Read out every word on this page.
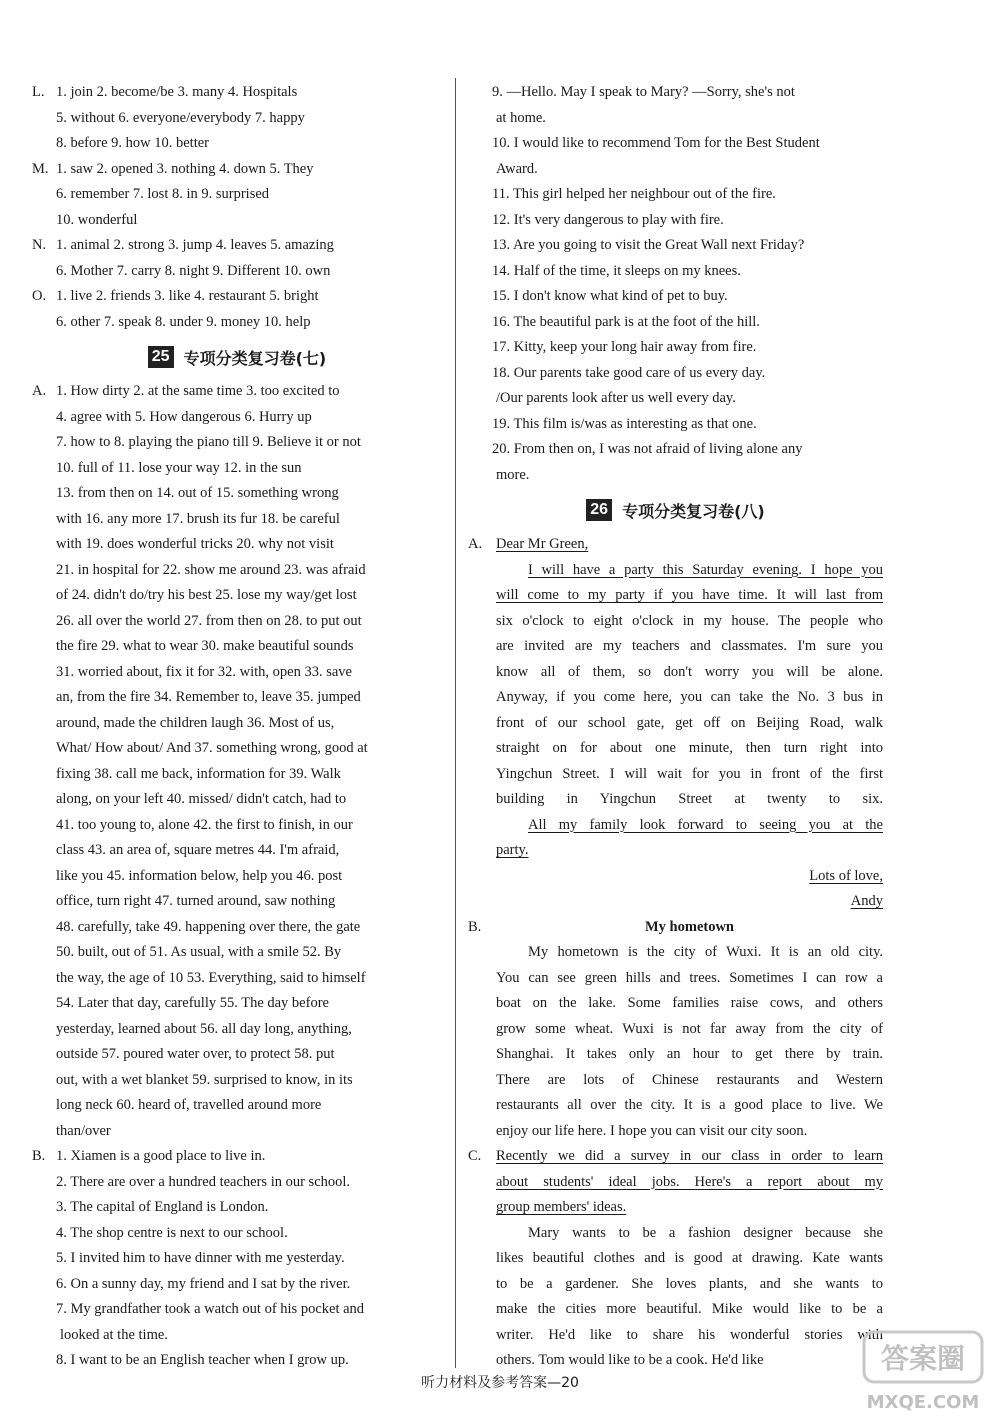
L. 1. join 2. become/be 3. many 4. Hospitals
5. without 6. everyone/everybody 7. happy
8. before 9. how 10. better
M. 1. saw 2. opened 3. nothing 4. down 5. They
6. remember 7. lost 8. in 9. surprised
10. wonderful
N. 1. animal 2. strong 3. jump 4. leaves 5. amazing
6. Mother 7. carry 8. night 9. Different 10. own
O. 1. live 2. friends 3. like 4. restaurant 5. bright
6. other 7. speak 8. under 9. money 10. help
25 专项分类复习卷(七)
A. 1. How dirty 2. at the same time 3. too excited to
4. agree with 5. How dangerous 6. Hurry up
7. how to 8. playing the piano till 9. Believe it or not
10. full of 11. lose your way 12. in the sun
13. from then on 14. out of 15. something wrong
with 16. any more 17. brush its fur 18. be careful
with 19. does wonderful tricks 20. why not visit
21. in hospital for 22. show me around 23. was afraid
of 24. didn't do/try his best 25. lose my way/get lost
26. all over the world 27. from then on 28. to put out
the fire 29. what to wear 30. make beautiful sounds
31. worried about, fix it for 32. with, open 33. save
an, from the fire 34. Remember to, leave 35. jumped
around, made the children laugh 36. Most of us,
What/ How about/ And 37. something wrong, good at
fixing 38. call me back, information for 39. Walk
along, on your left 40. missed/ didn't catch, had to
41. too young to, alone 42. the first to finish, in our
class 43. an area of, square metres 44. I'm afraid,
like you 45. information below, help you 46. post
office, turn right 47. turned around, saw nothing
48. carefully, take 49. happening over there, the gate
50. built, out of 51. As usual, with a smile 52. By
the way, the age of 10 53. Everything, said to himself
54. Later that day, carefully 55. The day before
yesterday, learned about 56. all day long, anything,
outside 57. poured water over, to protect 58. put
out, with a wet blanket 59. surprised to know, in its
long neck 60. heard of, travelled around more
than/over
B. 1. Xiamen is a good place to live in.
2. There are over a hundred teachers in our school.
3. The capital of England is London.
4. The shop centre is next to our school.
5. I invited him to have dinner with me yesterday.
6. On a sunny day, my friend and I sat by the river.
7. My grandfather took a watch out of his pocket and
looked at the time.
8. I want to be an English teacher when I grow up.
9. —Hello. May I speak to Mary? —Sorry, she's not
at home.
10. I would like to recommend Tom for the Best Student
Award.
11. This girl helped her neighbour out of the fire.
12. It's very dangerous to play with fire.
13. Are you going to visit the Great Wall next Friday?
14. Half of the time, it sleeps on my knees.
15. I don't know what kind of pet to buy.
16. The beautiful park is at the foot of the hill.
17. Kitty, keep your long hair away from fire.
18. Our parents take good care of us every day.
/Our parents look after us well every day.
19. This film is/was as interesting as that one.
20. From then on, I was not afraid of living alone any
more.
26 专项分类复习卷(八)
A. Dear Mr Green,
I will have a party this Saturday evening. I hope you
will come to my party if you have time. It will last from
six o'clock to eight o'clock in my house. The people who
are invited are my teachers and classmates. I'm sure you
know all of them, so don't worry you will be alone.
Anyway, if you come here, you can take the No. 3 bus in
front of our school gate, get off on Beijing Road, walk
straight on for about one minute, then turn right into
Yingchun Street. I will wait for you in front of the first
building in Yingchun Street at twenty to six.
All my family look forward to seeing you at the
party.
Lots of love,
Andy
B.	My hometown
My hometown is the city of Wuxi. It is an old city.
You can see green hills and trees. Sometimes I can row a
boat on the lake. Some families raise cows, and others
grow some wheat. Wuxi is not far away from the city of
Shanghai. It takes only an hour to get there by train.
There are lots of Chinese restaurants and Western
restaurants all over the city. It is a good place to live. We
enjoy our life here. I hope you can visit our city soon.
C. Recently we did a survey in our class in order to learn
about students' ideal jobs. Here's a report about my
group members' ideas.
Mary wants to be a fashion designer because she
likes beautiful clothes and is good at drawing. Kate wants
to be a gardener. She loves plants, and she wants to
make the cities more beautiful. Mike would like to be a
writer. He'd like to share his wonderful stories with
others. Tom would like to be a cook. He'd like
听力材料及参考答案—20
答案圈
MXQE.COM
